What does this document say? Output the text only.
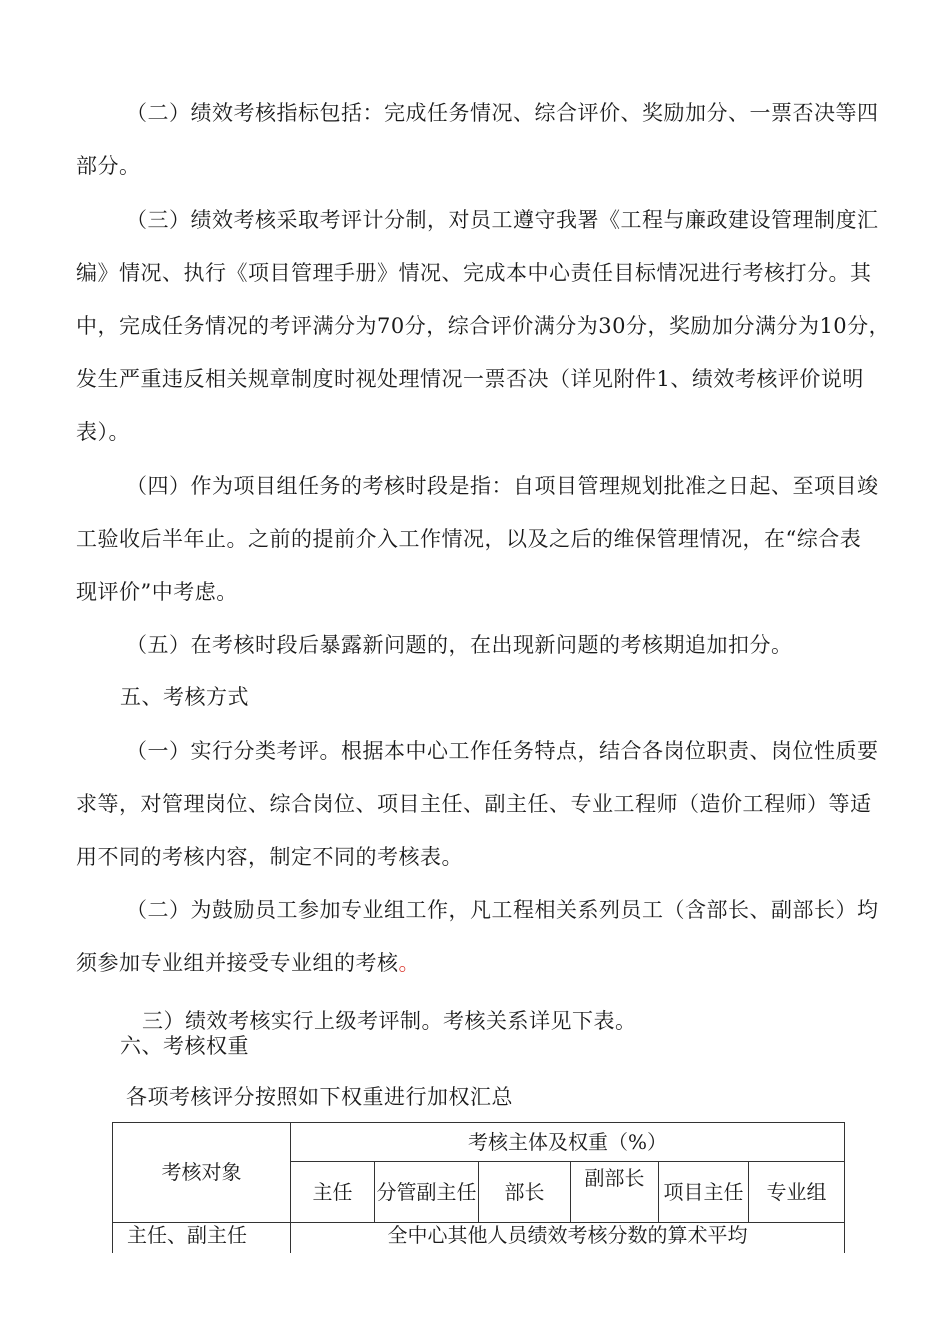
（二）绩效考核指标包括：完成任务情况、综合评价、奖励加分、一票否决等四
部分。
（三）绩效考核采取考评计分制，对员工遵守我署《工程与廉政建设管理制度汇
编》情况、执行《项目管理手册》情况、完成本中心责任目标情况进行考核打分。其
中，完成任务情况的考评满分为70分，综合评价满分为30分，奖励加分满分为10分，
发生严重违反相关规章制度时视处理情况一票否决（详见附件1、绩效考核评价说明
表）。
（四）作为项目组任务的考核时段是指：自项目管理规划批准之日起、至项目竣
工验收后半年止。之前的提前介入工作情况，以及之后的维保管理情况，在“综合表
现评价”中考虑。
（五）在考核时段后暴露新问题的，在出现新问题的考核期追加扣分。
五、考核方式
（一）实行分类考评。根据本中心工作任务特点，结合各岗位职责、岗位性质要
求等，对管理岗位、综合岗位、项目主任、副主任、专业工程师（造价工程师）等适
用不同的考核内容，制定不同的考核表。
（二）为鼓励员工参加专业组工作，凡工程相关系列员工（含部长、副部长）均
须参加专业组并接受专业组的考核。
三）绩效考核实行上级考评制。考核关系详见下表。
六、考核权重
各项考核评分按照如下权重进行加权汇总
考核对象	考核主体及权重（%）					
	主任	分管副主任	部长	副部长	项目主任	专业组
主任、副主任	全中心其他人员绩效考核分数的算术平均					
